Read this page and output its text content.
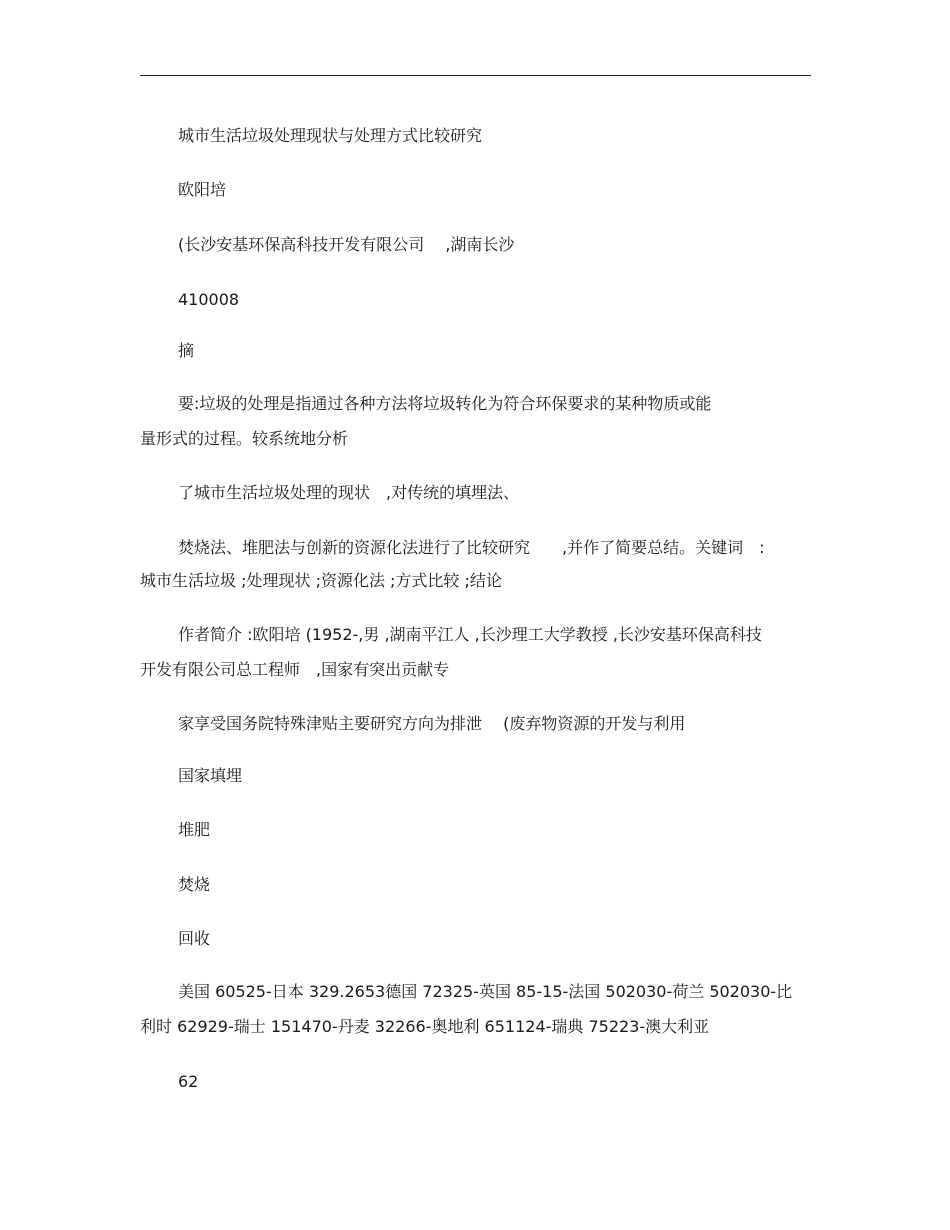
城市生活垃圾处理现状与处理方式比较研究

欧阳培

(长沙安基环保高科技开发有限公司　 ,湖南长沙

410008

摘

要:垃圾的处理是指通过各种方法将垃圾转化为符合环保要求的某种物质或能

量形式的过程。较系统地分析

了城市生活垃圾处理的现状　,对传统的填埋法、

焚烧法、堆肥法与创新的资源化法进行了比较研究　　,并作了简要总结。关键词　:

城市生活垃圾 ;处理现状 ;资源化法 ;方式比较 ;结论

作者简介 :欧阳培 (1952-,男 ,湖南平江人 ,长沙理工大学教授 ,长沙安基环保高科技

开发有限公司总工程师　,国家有突出贡献专

家享受国务院特殊津贴主要研究方向为排泄　 (废弃物资源的开发与利用

国家填埋

堆肥

焚烧

回收

美国 60525-日本 329.2653德国 72325-英国 85-15-法国 502030-荷兰 502030-比

利时 62929-瑞士 151470-丹麦 32266-奥地利 651124-瑞典 75223-澳大利亚

62
